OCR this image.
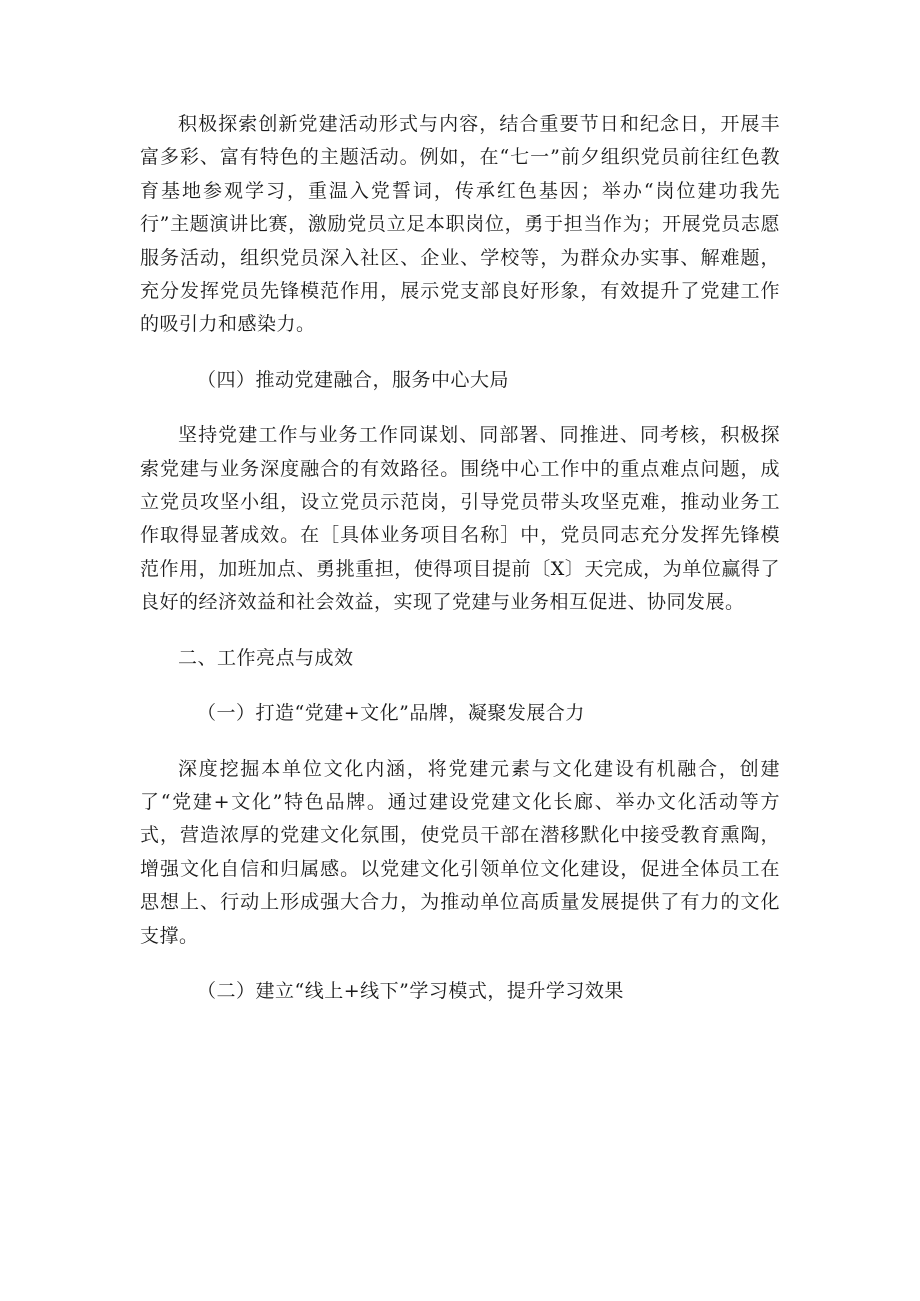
积极探索创新党建活动形式与内容，结合重要节日和纪念日，开展丰富多彩、富有特色的主题活动。例如，在“七一”前夕组织党员前往红色教育基地参观学习，重温入党誓词，传承红色基因；举办“岗位建功我先行”主题演讲比赛，激励党员立足本职岗位，勇于担当作为；开展党员志愿服务活动，组织党员深入社区、企业、学校等，为群众办实事、解难题，充分发挥党员先锋模范作用，展示党支部良好形象，有效提升了党建工作的吸引力和感染力。

（四）推动党建融合，服务中心大局

坚持党建工作与业务工作同谋划、同部署、同推进、同考核，积极探索党建与业务深度融合的有效路径。围绕中心工作中的重点难点问题，成立党员攻坚小组，设立党员示范岗，引导党员带头攻坚克难，推动业务工作取得显著成效。在［具体业务项目名称］中，党员同志充分发挥先锋模范作用，加班加点、勇挑重担，使得项目提前〔X〕天完成，为单位赢得了良好的经济效益和社会效益，实现了党建与业务相互促进、协同发展。

二、工作亮点与成效

（一）打造“党建+文化”品牌，凝聚发展合力

深度挖掘本单位文化内涵，将党建元素与文化建设有机融合，创建了“党建+文化”特色品牌。通过建设党建文化长廊、举办文化活动等方式，营造浓厚的党建文化氛围，使党员干部在潜移默化中接受教育熏陶，增强文化自信和归属感。以党建文化引领单位文化建设，促进全体员工在思想上、行动上形成强大合力，为推动单位高质量发展提供了有力的文化支撑。

（二）建立“线上+线下”学习模式，提升学习效果
